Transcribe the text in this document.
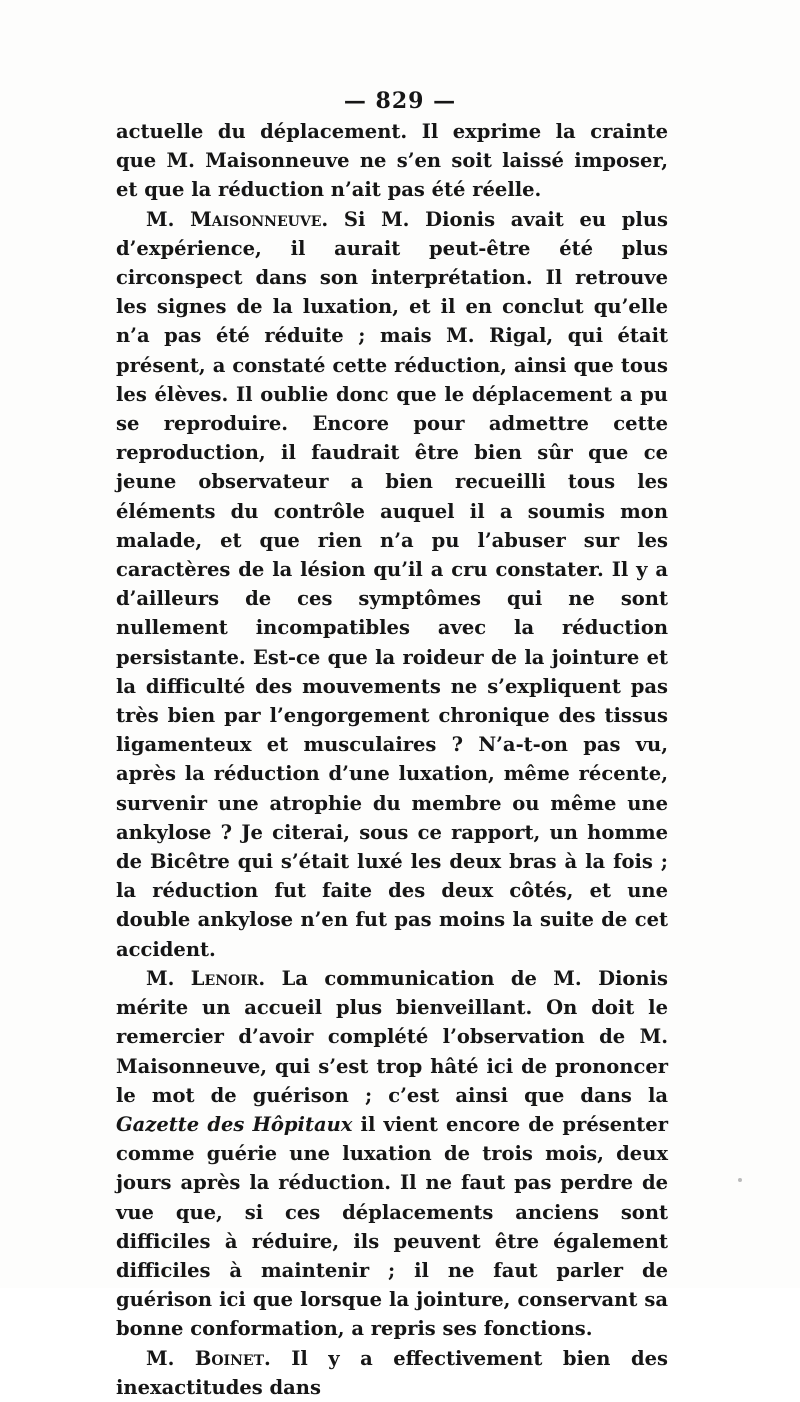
— 829 —

actuelle du déplacement. Il exprime la crainte que M. Maisonneuve ne s’en soit laissé imposer, et que la réduction n’ait pas été réelle.

M. Maisonneuve. Si M. Dionis avait eu plus d’expérience, il aurait peut-être été plus circonspect dans son interprétation. Il retrouve les signes de la luxation, et il en conclut qu’elle n’a pas été réduite ; mais M. Rigal, qui était présent, a constaté cette réduction, ainsi que tous les élèves. Il oublie donc que le déplacement a pu se reproduire. Encore pour admettre cette reproduction, il faudrait être bien sûr que ce jeune observateur a bien recueilli tous les éléments du contrôle auquel il a soumis mon malade, et que rien n’a pu l’abuser sur les caractères de la lésion qu’il a cru constater. Il y a d’ailleurs de ces symptômes qui ne sont nullement incompatibles avec la réduction persistante. Est-ce que la roideur de la jointure et la difficulté des mouvements ne s’expliquent pas très bien par l’engorgement chronique des tissus ligamenteux et musculaires ? N’a-t-on pas vu, après la réduction d’une luxation, même récente, survenir une atrophie du membre ou même une ankylose ? Je citerai, sous ce rapport, un homme de Bicêtre qui s’était luxé les deux bras à la fois ; la réduction fut faite des deux côtés, et une double ankylose n’en fut pas moins la suite de cet accident.

M. Lenoir. La communication de M. Dionis mérite un accueil plus bienveillant. On doit le remercier d’avoir complété l’observation de M. Maisonneuve, qui s’est trop hâté ici de prononcer le mot de guérison ; c’est ainsi que dans la Gazette des Hôpitaux il vient encore de présenter comme guérie une luxation de trois mois, deux jours après la réduction. Il ne faut pas perdre de vue que, si ces déplacements anciens sont difficiles à réduire, ils peuvent être également difficiles à maintenir ; il ne faut parler de guérison ici que lorsque la jointure, conservant sa bonne conformation, a repris ses fonctions.

M. Boinet. Il y a effectivement bien des inexactitudes dans
